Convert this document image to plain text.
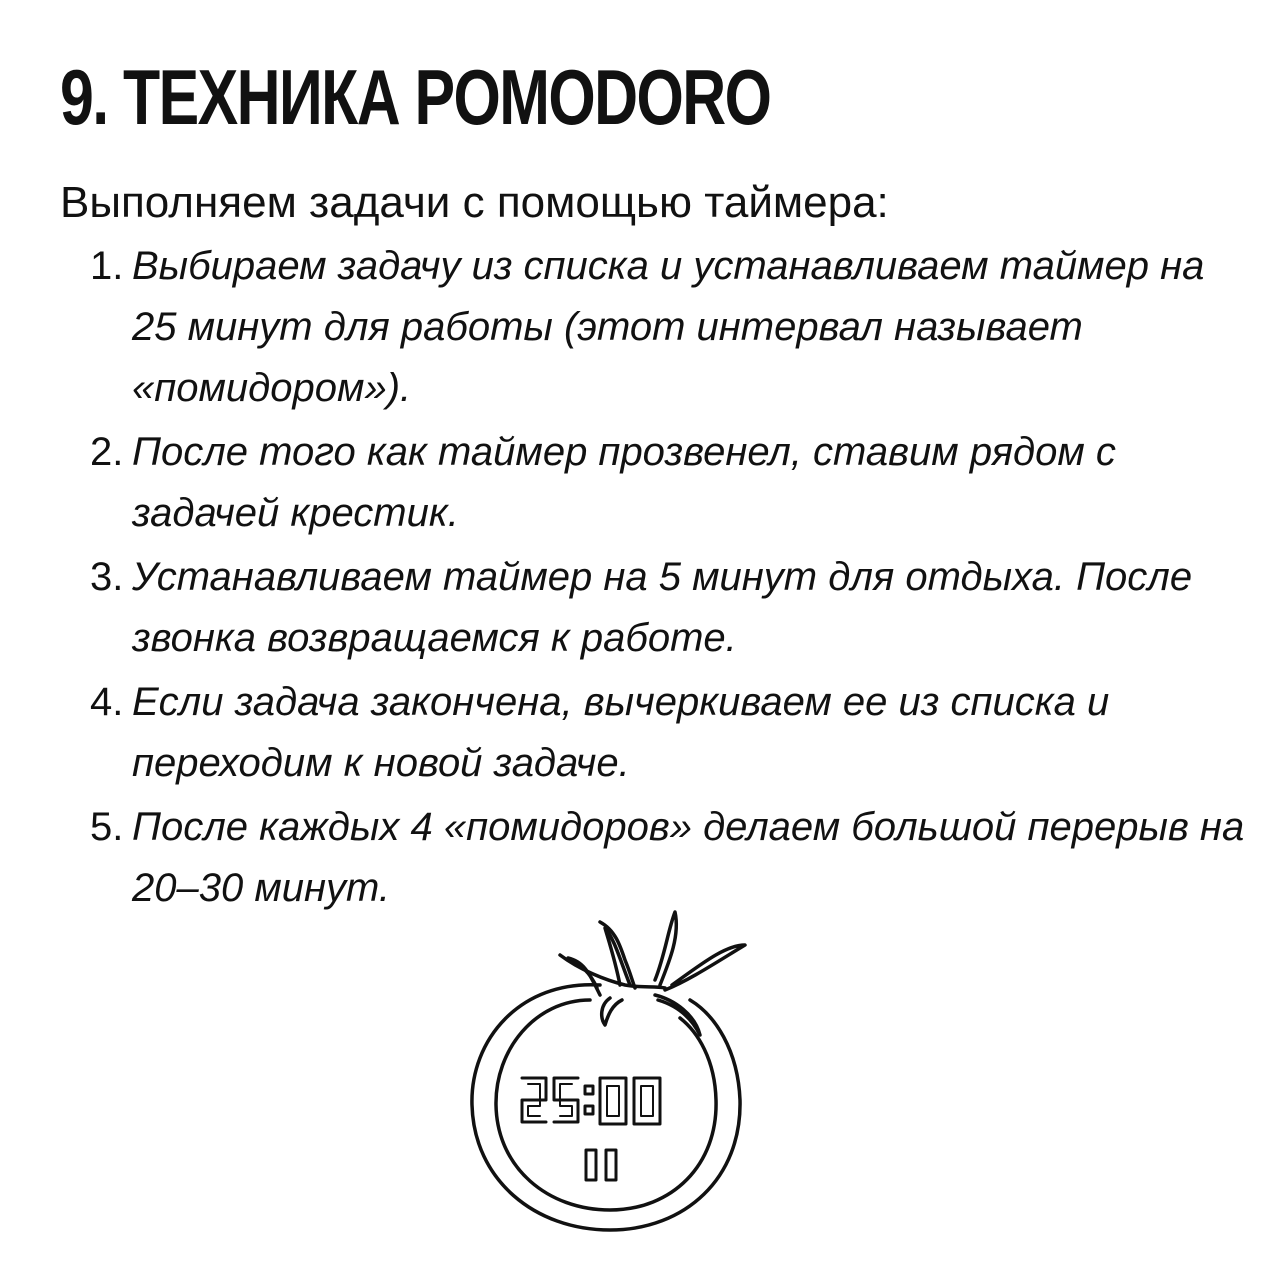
9. ТЕХНИКА POMODORO

Выполняем задачи с помощью таймера:

1. Выбираем задачу из списка и устанавливаем таймер на 25 минут для работы (этот интервал называет «помидором»).
2. После того как таймер прозвенел, ставим рядом с задачей крестик.
3. Устанавливаем таймер на 5 минут для отдыха. После звонка возвращаемся к работе.
4. Если задача закончена, вычеркиваем ее из списка и переходим к новой задаче.
5. После каждых 4 «помидоров» делаем большой перерыв на 20–30 минут.
